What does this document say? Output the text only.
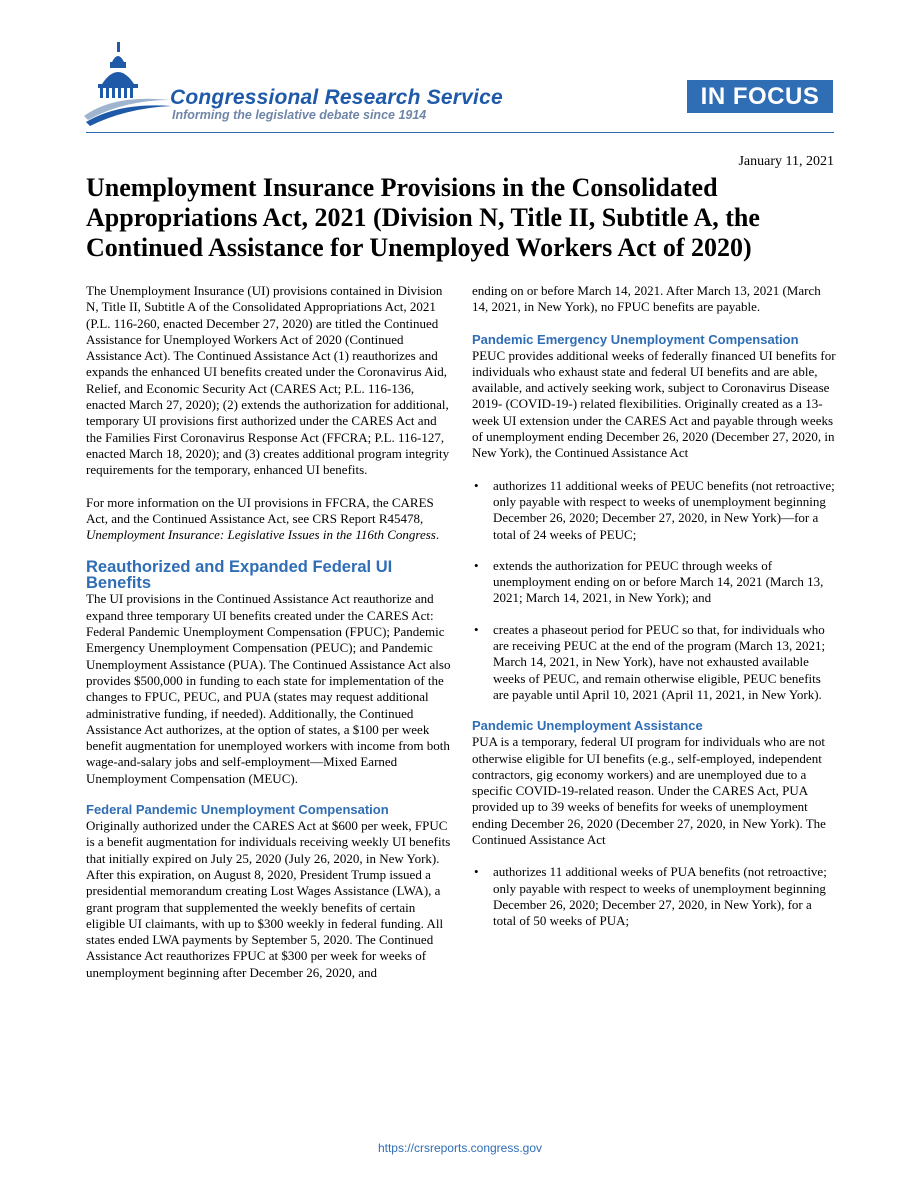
Congressional Research Service
Informing the legislative debate since 1914
IN FOCUS
January 11, 2021
Unemployment Insurance Provisions in the Consolidated Appropriations Act, 2021 (Division N, Title II, Subtitle A, the Continued Assistance for Unemployed Workers Act of 2020)

The Unemployment Insurance (UI) provisions contained in Division N, Title II, Subtitle A of the Consolidated Appropriations Act, 2021 (P.L. 116-260, enacted December 27, 2020) are titled the Continued Assistance for Unemployed Workers Act of 2020 (Continued Assistance Act). The Continued Assistance Act (1) reauthorizes and expands the enhanced UI benefits created under the Coronavirus Aid, Relief, and Economic Security Act (CARES Act; P.L. 116-136, enacted March 27, 2020); (2) extends the authorization for additional, temporary UI provisions first authorized under the CARES Act and the Families First Coronavirus Response Act (FFCRA; P.L. 116-127, enacted March 18, 2020); and (3) creates additional program integrity requirements for the temporary, enhanced UI benefits.

For more information on the UI provisions in FFCRA, the CARES Act, and the Continued Assistance Act, see CRS Report R45478, Unemployment Insurance: Legislative Issues in the 116th Congress.

Reauthorized and Expanded Federal UI Benefits

The UI provisions in the Continued Assistance Act reauthorize and expand three temporary UI benefits created under the CARES Act: Federal Pandemic Unemployment Compensation (FPUC); Pandemic Emergency Unemployment Compensation (PEUC); and Pandemic Unemployment Assistance (PUA). The Continued Assistance Act also provides $500,000 in funding to each state for implementation of the changes to FPUC, PEUC, and PUA (states may request additional administrative funding, if needed). Additionally, the Continued Assistance Act authorizes, at the option of states, a $100 per week benefit augmentation for unemployed workers with income from both wage-and-salary jobs and self-employment—Mixed Earned Unemployment Compensation (MEUC).

Federal Pandemic Unemployment Compensation

Originally authorized under the CARES Act at $600 per week, FPUC is a benefit augmentation for individuals receiving weekly UI benefits that initially expired on July 25, 2020 (July 26, 2020, in New York). After this expiration, on August 8, 2020, President Trump issued a presidential memorandum creating Lost Wages Assistance (LWA), a grant program that supplemented the weekly benefits of certain eligible UI claimants, with up to $300 weekly in federal funding. All states ended LWA payments by September 5, 2020. The Continued Assistance Act reauthorizes FPUC at $300 per week for weeks of unemployment beginning after December 26, 2020, and

ending on or before March 14, 2021. After March 13, 2021 (March 14, 2021, in New York), no FPUC benefits are payable.

Pandemic Emergency Unemployment Compensation

PEUC provides additional weeks of federally financed UI benefits for individuals who exhaust state and federal UI benefits and are able, available, and actively seeking work, subject to Coronavirus Disease 2019- (COVID-19-) related flexibilities. Originally created as a 13-week UI extension under the CARES Act and payable through weeks of unemployment ending December 26, 2020 (December 27, 2020, in New York), the Continued Assistance Act

• authorizes 11 additional weeks of PEUC benefits (not retroactive; only payable with respect to weeks of unemployment beginning December 26, 2020; December 27, 2020, in New York)—for a total of 24 weeks of PEUC;
• extends the authorization for PEUC through weeks of unemployment ending on or before March 14, 2021 (March 13, 2021; March 14, 2021, in New York); and
• creates a phaseout period for PEUC so that, for individuals who are receiving PEUC at the end of the program (March 13, 2021; March 14, 2021, in New York), have not exhausted available weeks of PEUC, and remain otherwise eligible, PEUC benefits are payable until April 10, 2021 (April 11, 2021, in New York).
Pandemic Unemployment Assistance

PUA is a temporary, federal UI program for individuals who are not otherwise eligible for UI benefits (e.g., self-employed, independent contractors, gig economy workers) and are unemployed due to a specific COVID-19-related reason. Under the CARES Act, PUA provided up to 39 weeks of benefits for weeks of unemployment ending December 26, 2020 (December 27, 2020, in New York). The Continued Assistance Act

• authorizes 11 additional weeks of PUA benefits (not retroactive; only payable with respect to weeks of unemployment beginning December 26, 2020; December 27, 2020, in New York), for a total of 50 weeks of PUA;
https://crsreports.congress.gov
